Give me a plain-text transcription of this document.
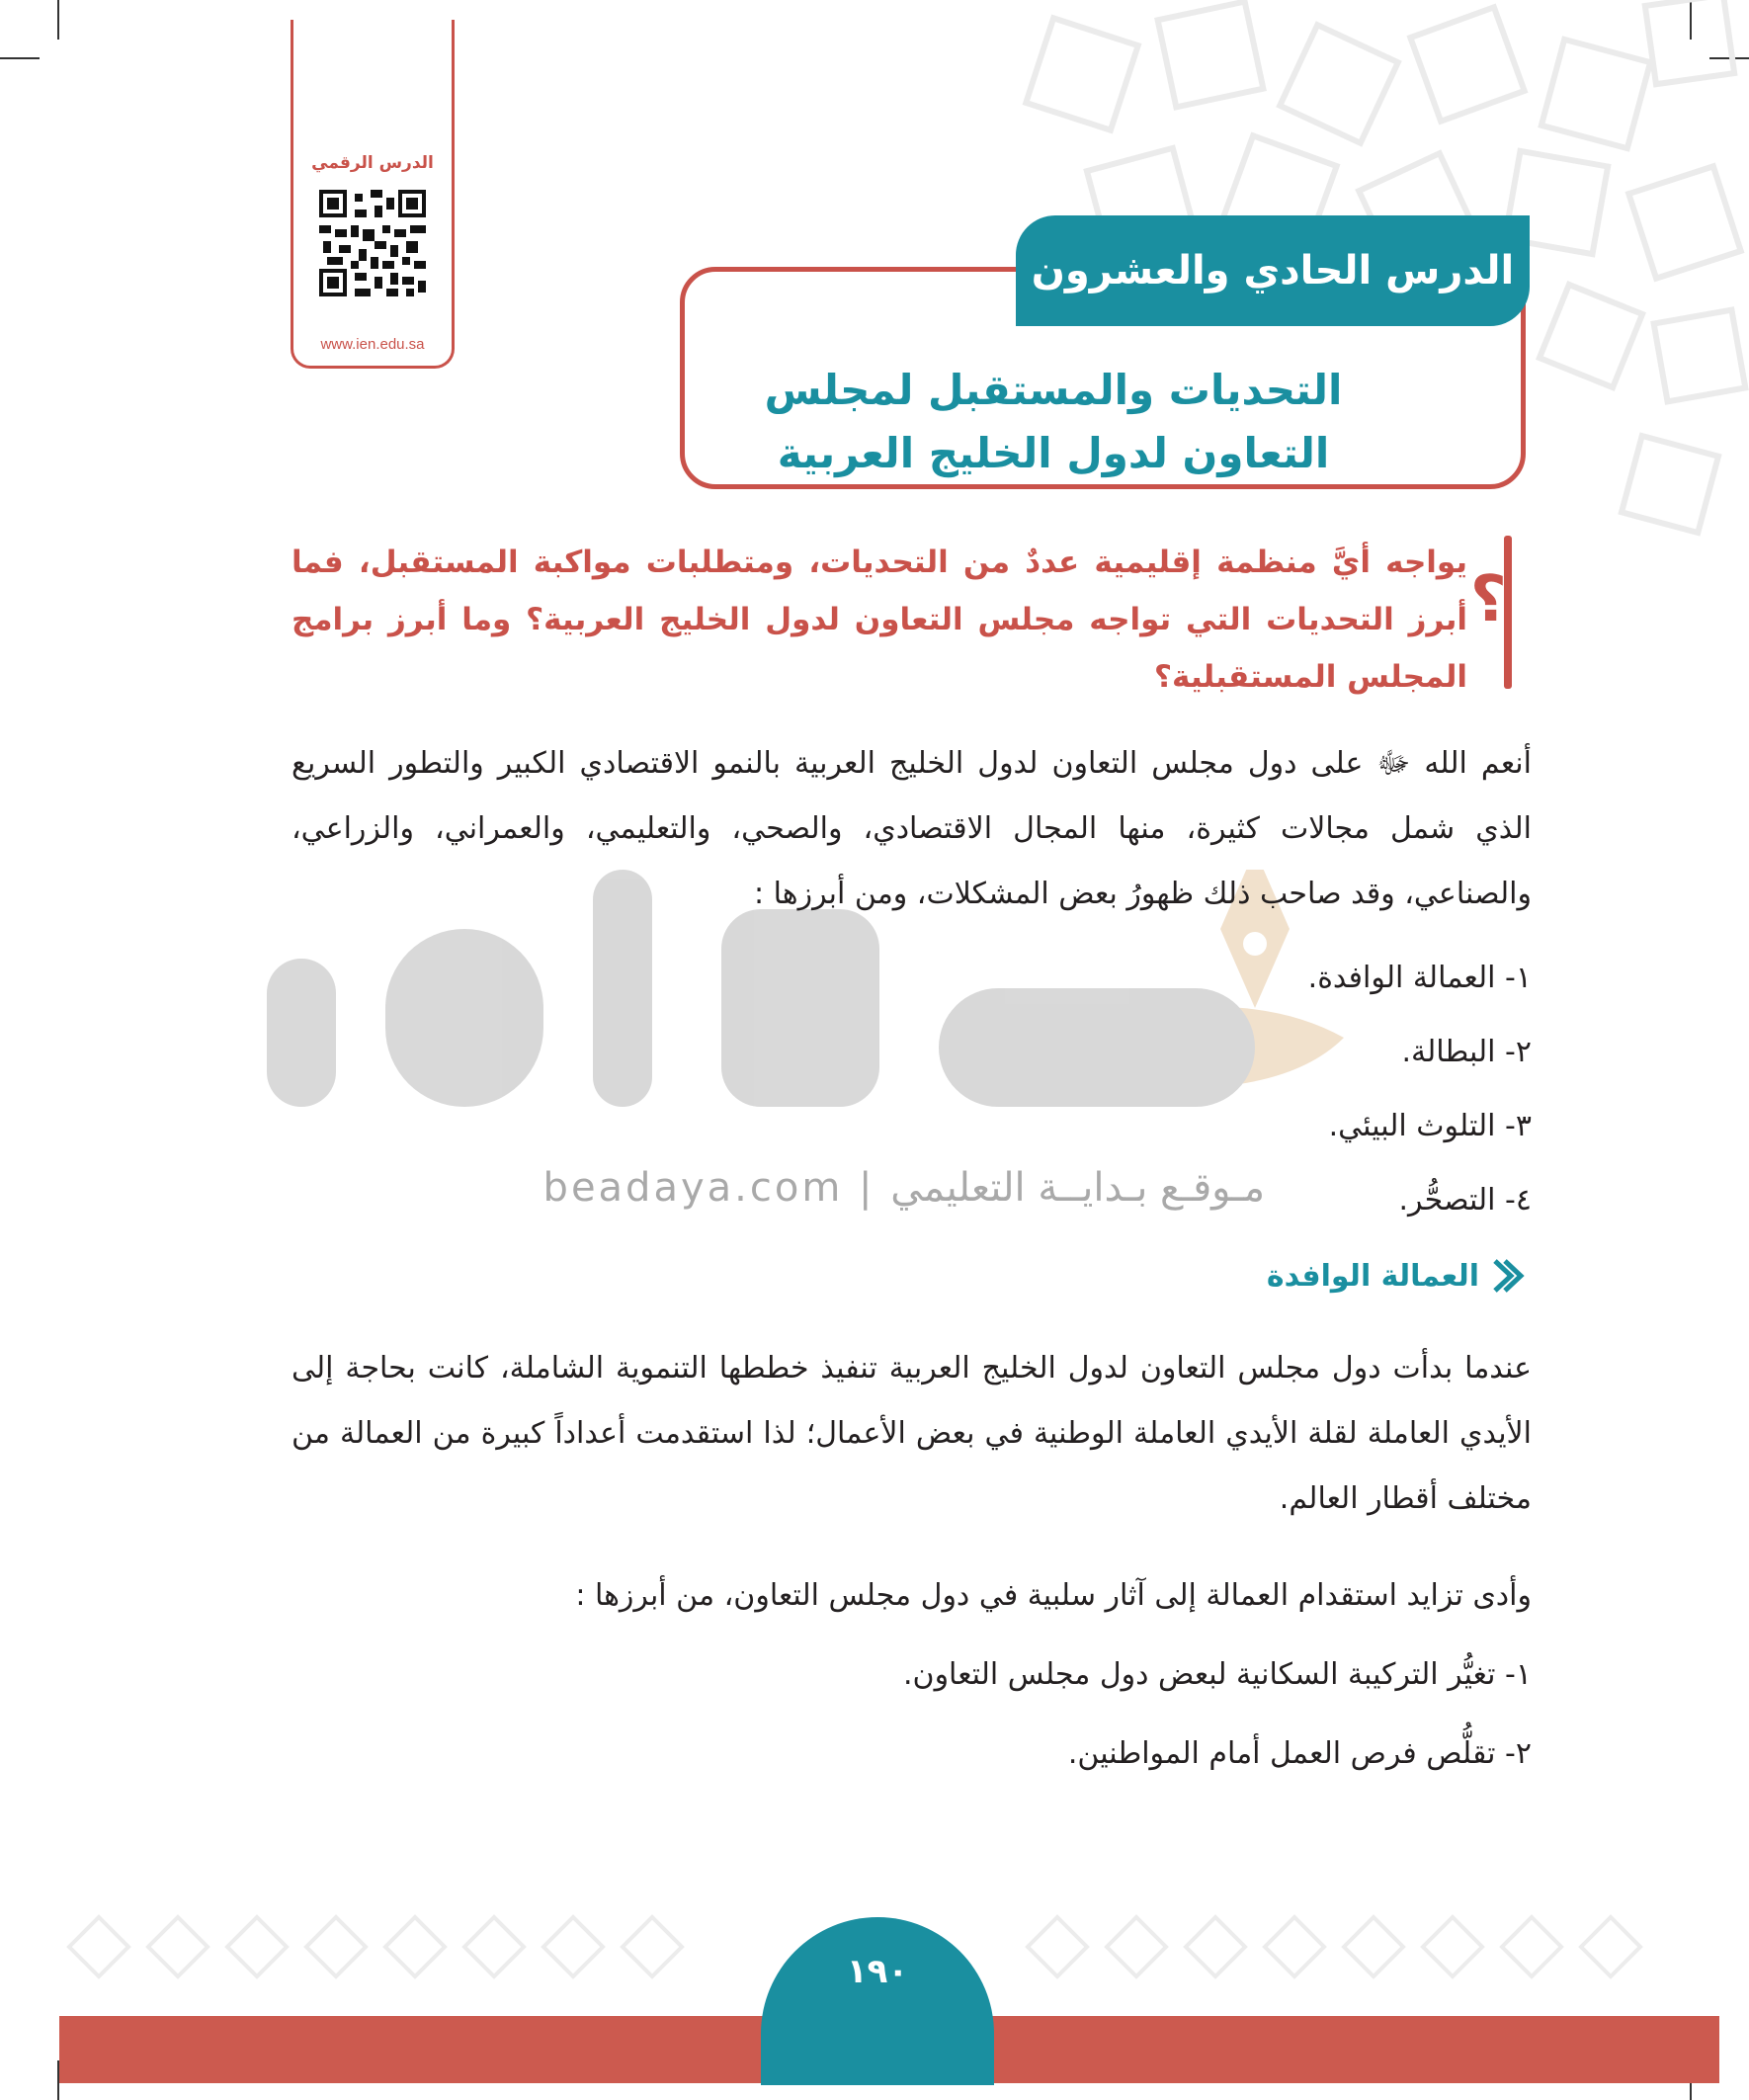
الدرس الرقمي
www.ien.edu.sa
التحديات والمستقبل لمجلس التعاون لدول الخليج العربية
الدرس الحادي والعشرون
?
يواجه أيَّ منظمة إقليمية عددٌ من التحديات، ومتطلبات مواكبة المستقبل، فما أبرز التحديات التي تواجه مجلس التعاون لدول الخليج العربية؟ وما أبرز برامج المجلس المستقبلية؟
beadaya.com | مـوقـع بـدايــة التعليمي
أنعم الله ﷻ على دول مجلس التعاون لدول الخليج العربية بالنمو الاقتصادي الكبير والتطور السريع الذي شمل مجالات كثيرة، منها المجال الاقتصادي، والصحي، والتعليمي، والعمراني، والزراعي، والصناعي، وقد صاحب ذلك ظهورُ بعض المشكلات، ومن أبرزها :
١- العمالة الوافدة.
٢- البطالة.
٣- التلوث البيئي.
٤- التصحُّر.
العمالة الوافدة
عندما بدأت دول مجلس التعاون لدول الخليج العربية تنفيذ خططها التنموية الشاملة، كانت بحاجة إلى الأيدي العاملة لقلة الأيدي العاملة الوطنية في بعض الأعمال؛ لذا استقدمت أعداداً كبيرة من العمالة من مختلف أقطار العالم.
وأدى تزايد استقدام العمالة إلى آثار سلبية في دول مجلس التعاون، من أبرزها :
١- تغيُّر التركيبة السكانية لبعض دول مجلس التعاون.
٢- تقلُّص فرص العمل أمام المواطنين.
١٩٠
